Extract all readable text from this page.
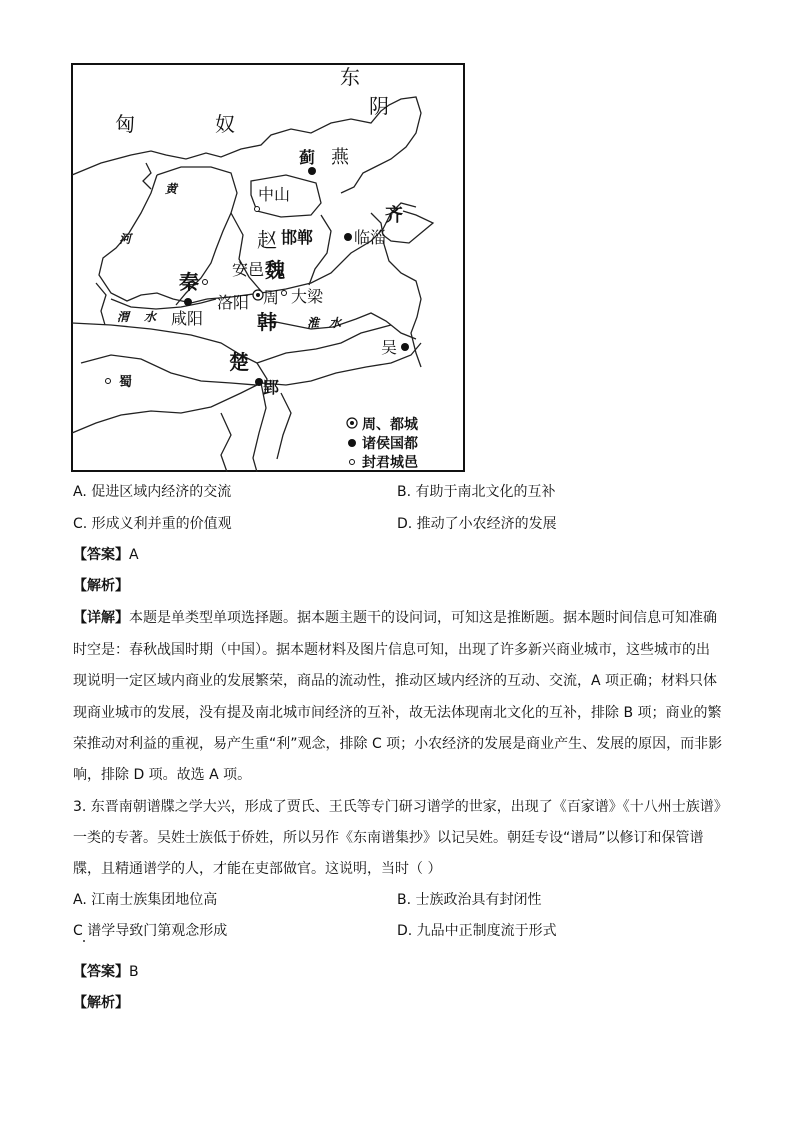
东
阴
匈	奴
蓟 燕
黄	中山
河	赵 邯郸
齐
临淄
安邑 魏
秦
洛阳 周 大梁
渭 水 咸阳	韩	淮 水
吴
楚
蜀	郢
周、都城
诸侯国都
封君城邑
A. 促进区域内经济的交流	B. 有助于南北文化的互补
C. 形成义利并重的价值观	D. 推动了小农经济的发展
【答案】A
【解析】
【详解】本题是单类型单项选择题。据本题主题干的设问词，可知这是推断题。据本题时间信息可知准确
时空是：春秋战国时期（中国）。据本题材料及图片信息可知，出现了许多新兴商业城市，这些城市的出
现说明一定区域内商业的发展繁荣，商品的流动性，推动区域内经济的互动、交流，A 项正确；材料只体
现商业城市的发展，没有提及南北城市间经济的互补，故无法体现南北文化的互补，排除 B 项；商业的繁
荣推动对利益的重视，易产生重“利”观念，排除 C 项；小农经济的发展是商业产生、发展的原因，而非影
响，排除 D 项。故选 A 项。
3. 东晋南朝谱牒之学大兴，形成了贾氏、王氏等专门研习谱学的世家，出现了《百家谱》《十八州士族谱》
一类的专著。吴姓士族低于侨姓，所以另作《东南谱集抄》以记吴姓。朝廷专设“谱局”以修订和保管谱
牒，且精通谱学的人，才能在吏部做官。这说明，当时（ ）
A. 江南士族集团地位高	B. 士族政治具有封闭性
C 谱学导致门第观念形成	D. 九品中正制度流于形式
【答案】B
【解析】
